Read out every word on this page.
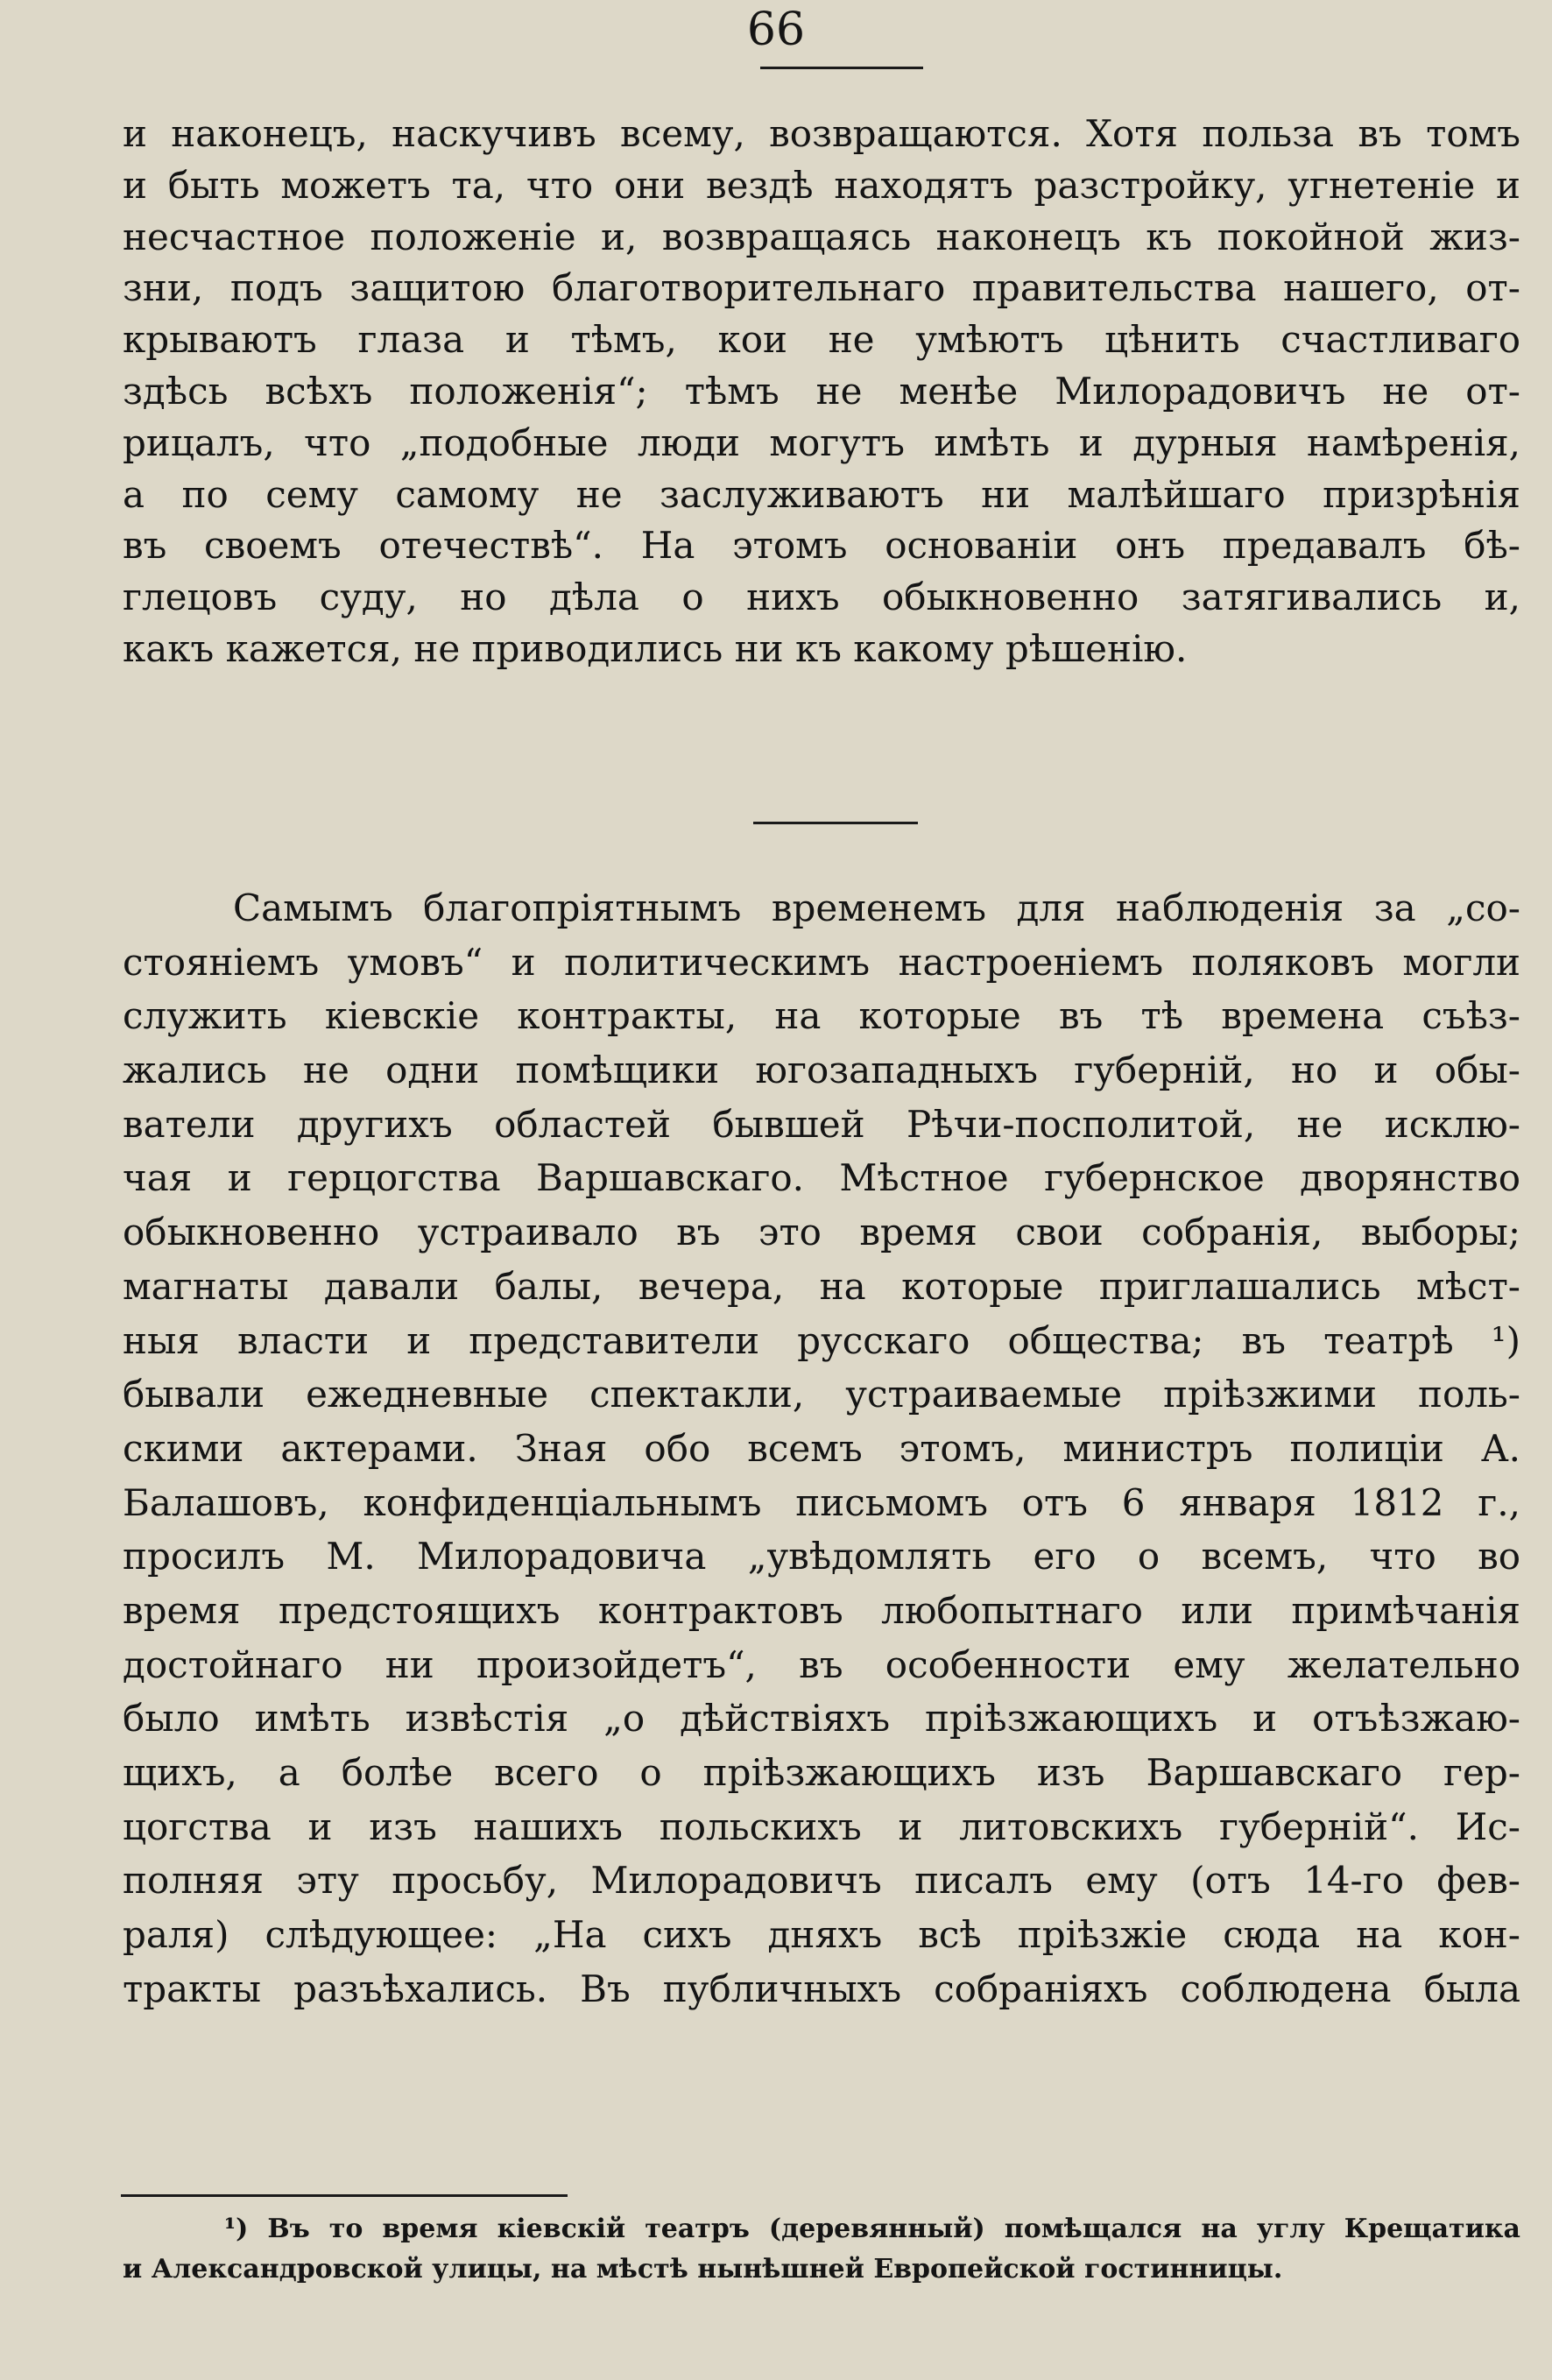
66
и наконецъ, наскучивъ всему, возвращаются. Хотя польза въ томъ
и быть можетъ та, что они вездѣ находятъ разстройку, угнетеніе и
несчастное положеніе и, возвращаясь наконецъ къ покойной жиз-
зни, подъ защитою благотворительнаго правительства нашего, от-
крываютъ глаза и тѣмъ, кои не умѣютъ цѣнить счастливаго
здѣсь всѣхъ положенія“; тѣмъ не менѣе Милорадовичъ не от-
рицалъ, что „подобные люди могутъ имѣть и дурныя намѣренія,
а по сему самому не заслуживаютъ ни малѣйшаго призрѣнія
въ своемъ отечествѣ“. На этомъ основаніи онъ предавалъ бѣ-
глецовъ суду, но дѣла о нихъ обыкновенно затягивались и,
какъ кажется, не приводились ни къ какому рѣшенію.
Самымъ благопріятнымъ временемъ для наблюденія за „со-
стояніемъ умовъ“ и политическимъ настроеніемъ поляковъ могли
служить кіевскіе контракты, на которые въ тѣ времена съѣз-
жались не одни помѣщики югозападныхъ губерній, но и обы-
ватели другихъ областей бывшей Рѣчи-посполитой, не исклю-
чая и герцогства Варшавскаго. Мѣстное губернское дворянство
обыкновенно устраивало въ это время свои собранія, выборы;
магнаты давали балы, вечера, на которые приглашались мѣст-
ныя власти и представители русскаго общества; въ театрѣ ¹)
бывали ежедневные спектакли, устраиваемые пріѣзжими поль-
скими актерами. Зная обо всемъ этомъ, министръ полиціи А.
Балашовъ, конфиденціальнымъ письмомъ отъ 6 января 1812 г.,
просилъ М. Милорадовича „увѣдомлять его о всемъ, что во
время предстоящихъ контрактовъ любопытнаго или примѣчанія
достойнаго ни произойдетъ“, въ особенности ему желательно
было имѣть извѣстія „о дѣйствіяхъ пріѣзжающихъ и отъѣзжаю-
щихъ, а болѣе всего о пріѣзжающихъ изъ Варшавскаго гер-
цогства и изъ нашихъ польскихъ и литовскихъ губерній“. Ис-
полняя эту просьбу, Милорадовичъ писалъ ему (отъ 14-го фев-
раля) слѣдующее: „На сихъ дняхъ всѣ пріѣзжіе сюда на кон-
тракты разъѣхались. Въ публичныхъ собраніяхъ соблюдена была
¹) Въ то время кіевскій театръ (деревянный) помѣщался на углу Крещатика
и Александровской улицы, на мѣстѣ нынѣшней Европейской гостинницы.
